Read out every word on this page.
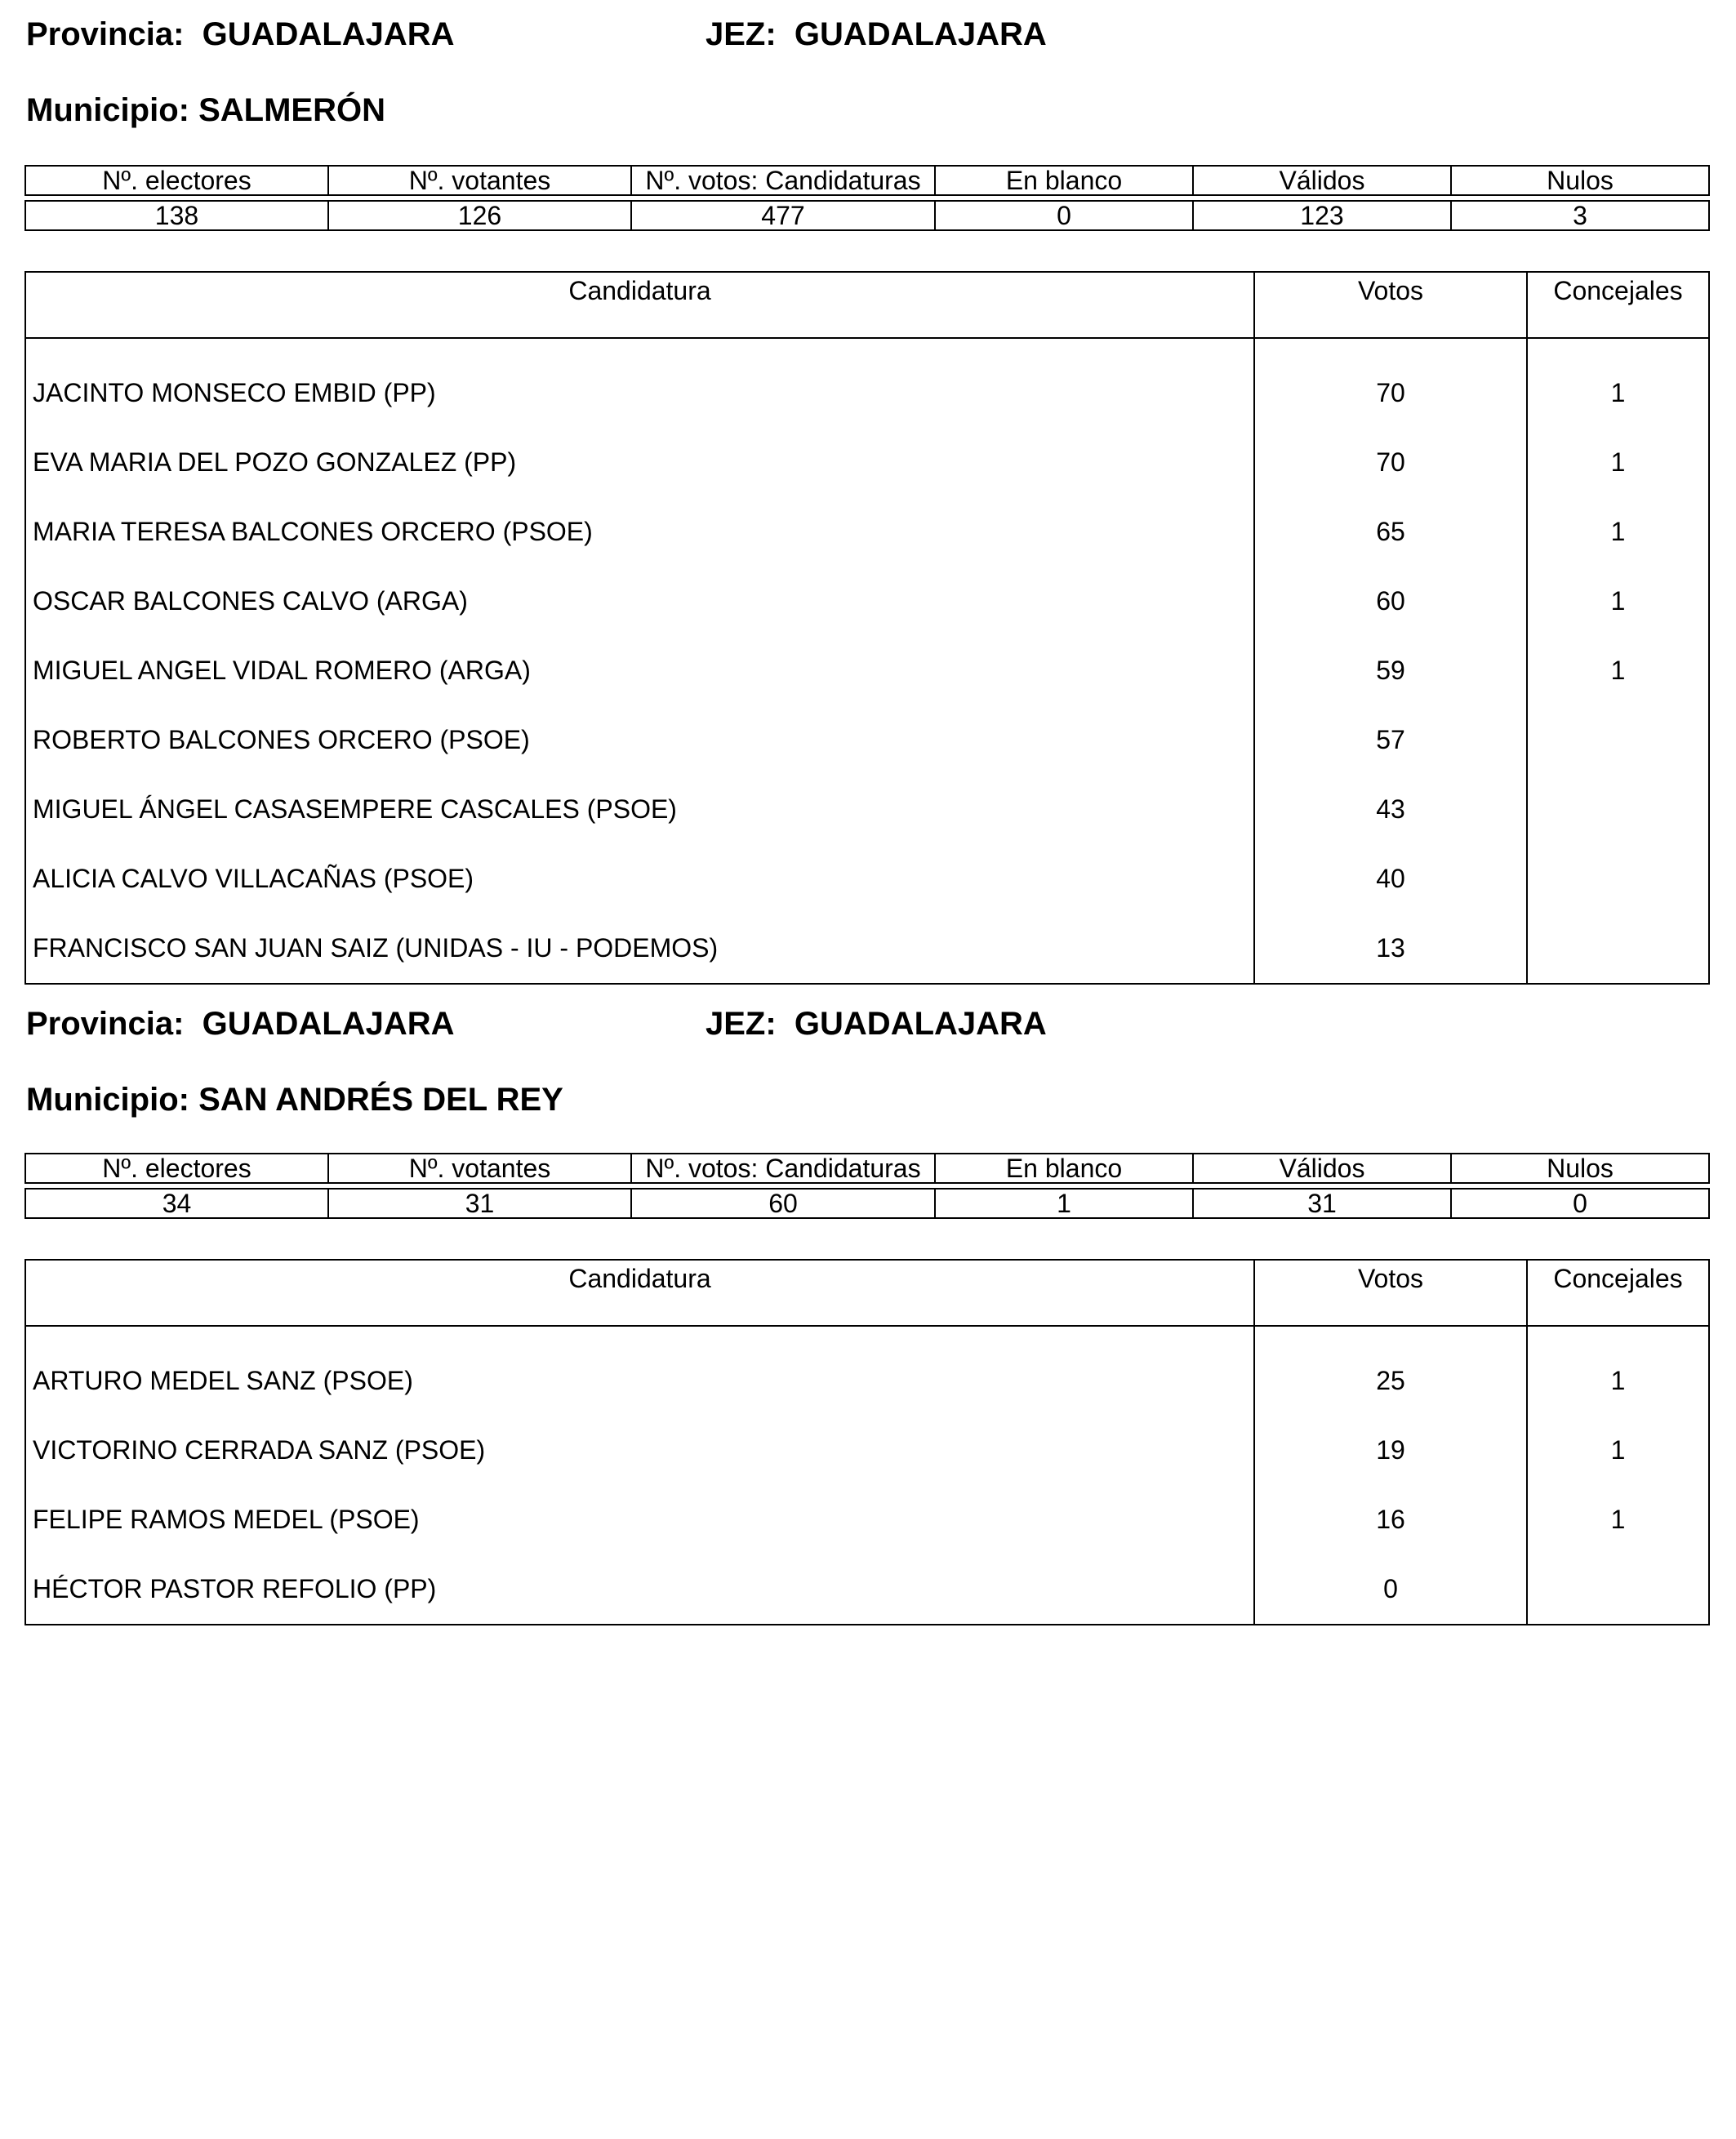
Provincia: GUADALAJARA	JEZ: GUADALAJARA
Municipio: SALMERÓN
Nº. electores	Nº. votantes	Nº. votos: Candidaturas	En blanco	Válidos	Nulos
138	126	477	0	123	3
Candidatura	Votos	Concejales
JACINTO MONSECO EMBID (PP)	70	1
EVA MARIA DEL POZO GONZALEZ (PP)	70	1
MARIA TERESA BALCONES ORCERO (PSOE)	65	1
OSCAR BALCONES CALVO (ARGA)	60	1
MIGUEL ANGEL VIDAL ROMERO (ARGA)	59	1
ROBERTO BALCONES ORCERO (PSOE)	57	
MIGUEL ÁNGEL CASASEMPERE CASCALES (PSOE)	43	
ALICIA CALVO VILLACAÑAS (PSOE)	40	
FRANCISCO SAN JUAN SAIZ (UNIDAS - IU - PODEMOS)	13	
Provincia: GUADALAJARA	JEZ: GUADALAJARA
Municipio: SAN ANDRÉS DEL REY
Nº. electores	Nº. votantes	Nº. votos: Candidaturas	En blanco	Válidos	Nulos
34	31	60	1	31	0
Candidatura	Votos	Concejales
ARTURO MEDEL SANZ (PSOE)	25	1
VICTORINO CERRADA SANZ (PSOE)	19	1
FELIPE RAMOS MEDEL (PSOE)	16	1
HÉCTOR PASTOR REFOLIO (PP)	0	
